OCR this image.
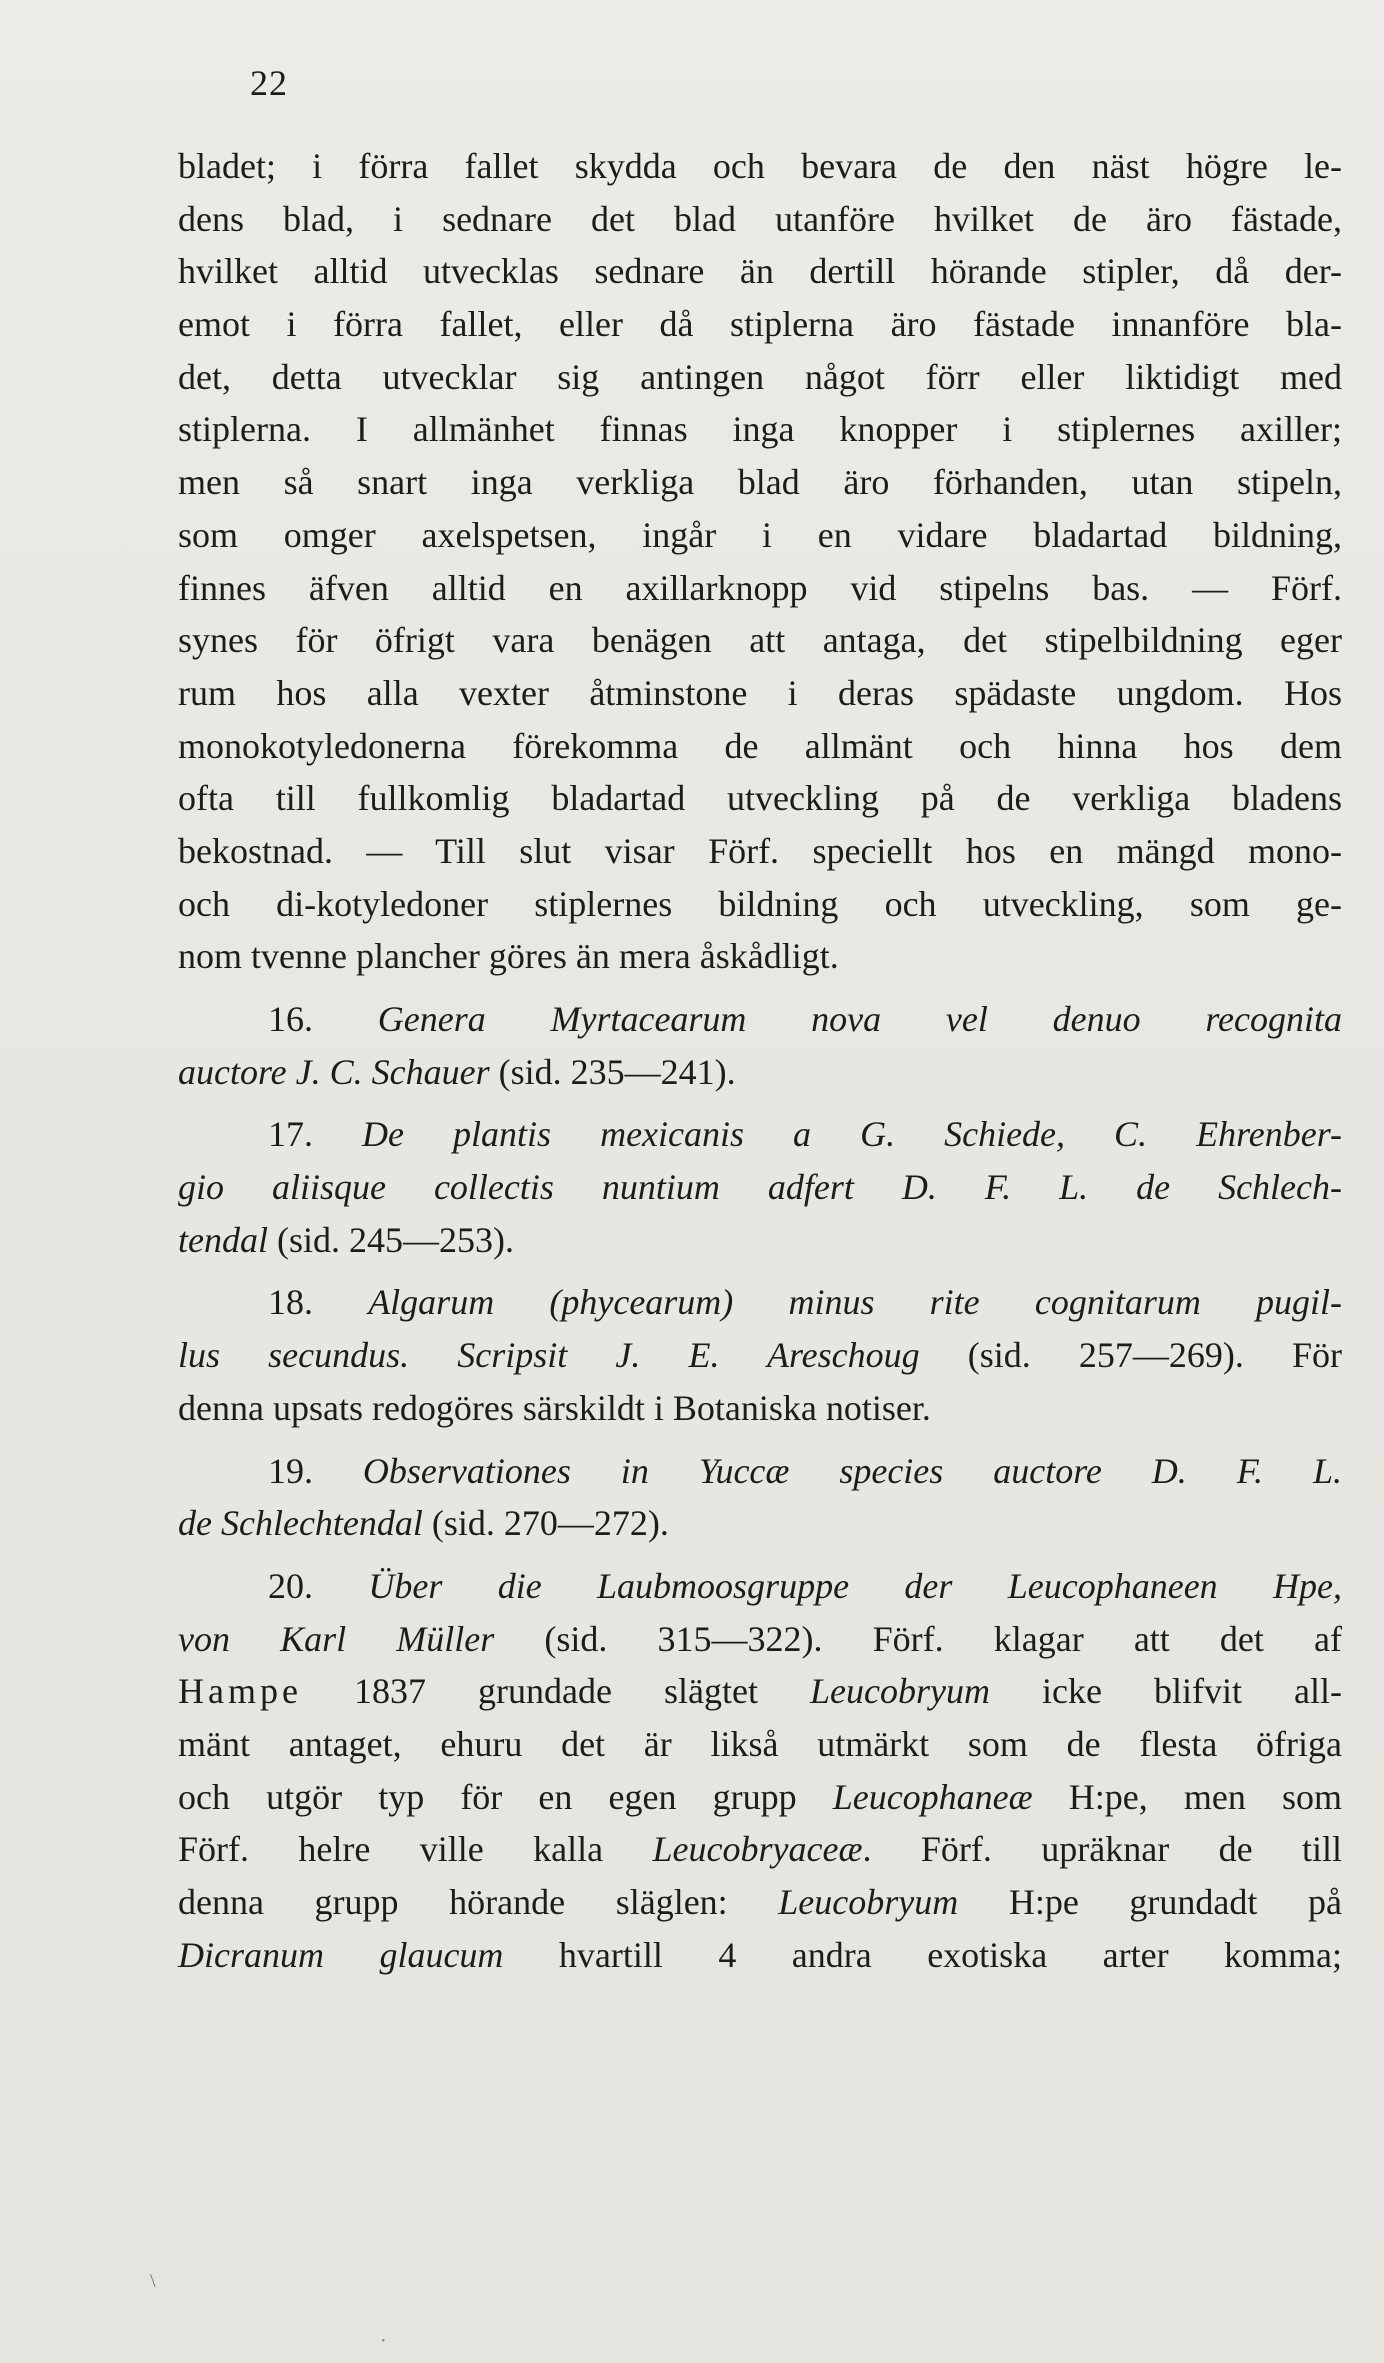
22
bladet; i förra fallet skydda och bevara de den näst högre le-
dens blad, i sednare det blad utanföre hvilket de äro fästade,
hvilket alltid utvecklas sednare än dertill hörande stipler, då der-
emot i förra fallet, eller då stiplerna äro fästade innanföre bla-
det, detta utvecklar sig antingen något förr eller liktidigt med
stiplerna. I allmänhet finnas inga knopper i stiplernes axiller;
men så snart inga verkliga blad äro förhanden, utan stipeln,
som omger axelspetsen, ingår i en vidare bladartad bildning,
finnes äfven alltid en axillarknopp vid stipelns bas. — Förf.
synes för öfrigt vara benägen att antaga, det stipelbildning eger
rum hos alla vexter åtminstone i deras spädaste ungdom. Hos
monokotyledonerna förekomma de allmänt och hinna hos dem
ofta till fullkomlig bladartad utveckling på de verkliga bladens
bekostnad. — Till slut visar Förf. speciellt hos en mängd mono-
och di-kotyledoner stiplernes bildning och utveckling, som ge-
nom tvenne plancher göres än mera åskådligt.
16. Genera Myrtacearum nova vel denuo recognita
auctore J. C. Schauer (sid. 235—241).
17. De plantis mexicanis a G. Schiede, C. Ehrenber-
gio aliisque collectis nuntium adfert D. F. L. de Schlech-
tendal (sid. 245—253).
18. Algarum (phycearum) minus rite cognitarum pugil-
lus secundus. Scripsit J. E. Areschoug (sid. 257—269). För
denna upsats redogöres särskildt i Botaniska notiser.
19. Observationes in Yuccæ species auctore D. F. L.
de Schlechtendal (sid. 270—272).
20. Über die Laubmoosgruppe der Leucophaneen Hpe,
von Karl Müller (sid. 315—322). Förf. klagar att det af
Hampe 1837 grundade slägtet Leucobryum icke blifvit all-
mänt antaget, ehuru det är likså utmärkt som de flesta öfriga
och utgör typ för en egen grupp Leucophaneæ H:pe, men som
Förf. helre ville kalla Leucobryaceæ. Förf. upräknar de till
denna grupp hörande släglen: Leucobryum H:pe grundadt på
Dicranum glaucum hvartill 4 andra exotiska arter komma;
\
·
